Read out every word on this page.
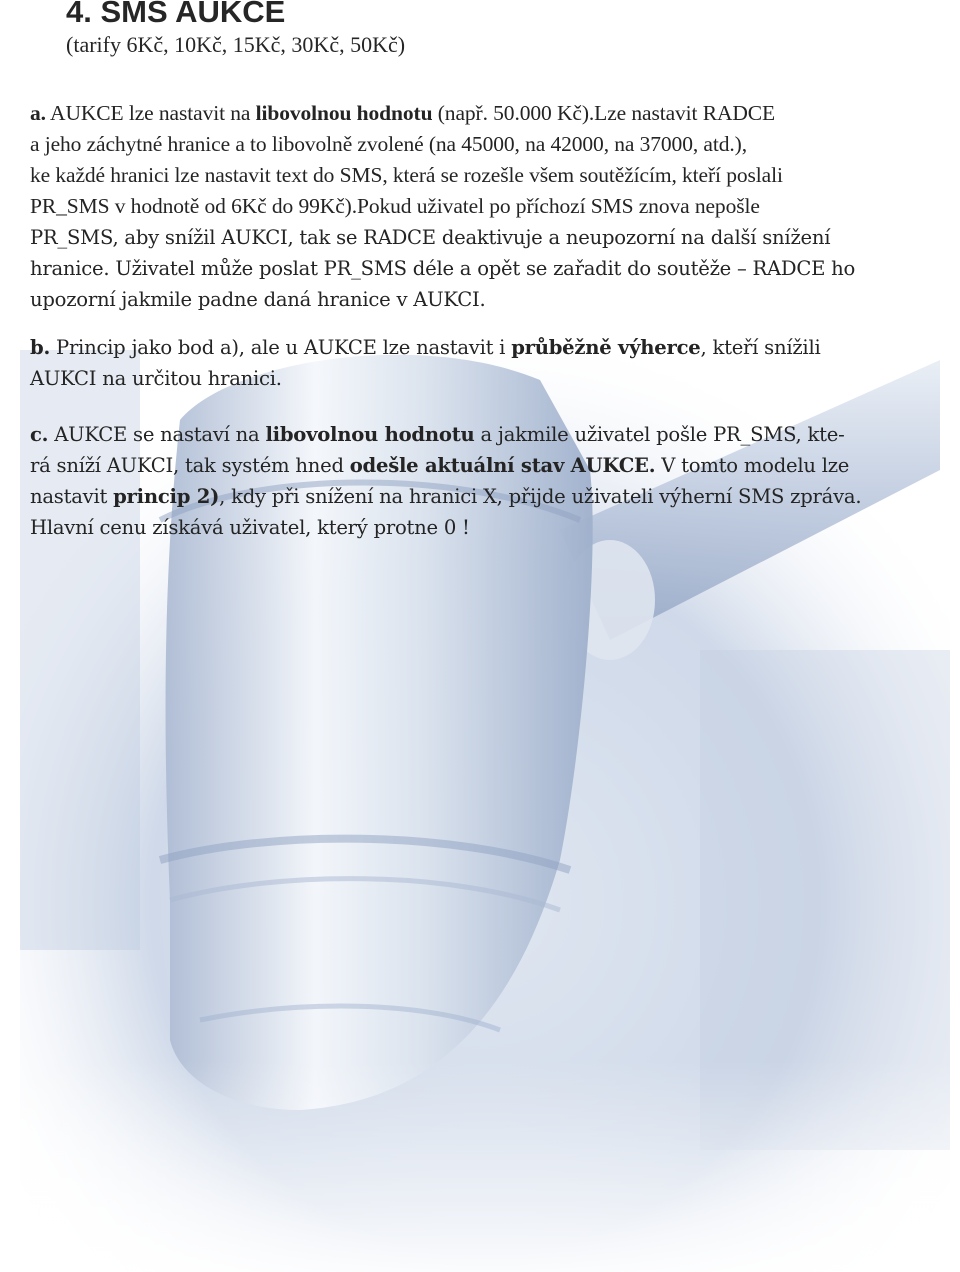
4. SMS AUKCE
(tarify 6Kč, 10Kč, 15Kč, 30Kč, 50Kč)

a. AUKCE lze nastavit na libovolnou hodnotu (např. 50.000 Kč).Lze nastavit RADCE
a jeho záchytné hranice a to libovolně zvolené (na 45000, na 42000, na 37000, atd.),
ke každé hranici lze nastavit text do SMS, která se rozešle všem soutěžícím, kteří poslali
PR_SMS v hodnotě od 6Kč do 99Kč).Pokud uživatel po příchozí SMS znova nepošle
PR_SMS, aby snížil AUKCI, tak se RADCE deaktivuje a neupozorní na další snížení
hranice. Uživatel může poslat PR_SMS déle a opět se zařadit do soutěže – RADCE ho
upozorní jakmile padne daná hranice v AUKCI.

b. Princip jako bod a), ale u AUKCE lze nastavit i průběžně výherce, kteří snížili
AUKCI na určitou hranici.

c. AUKCE se nastaví na libovolnou hodnotu a jakmile uživatel pošle PR_SMS, kte-
rá sníží AUKCI, tak systém hned odešle aktuální stav AUKCE. V tomto modelu lze
nastavit princip 2), kdy při snížení na hranici X, přijde uživateli výherní SMS zpráva.
Hlavní cenu získává uživatel, který protne 0 !
